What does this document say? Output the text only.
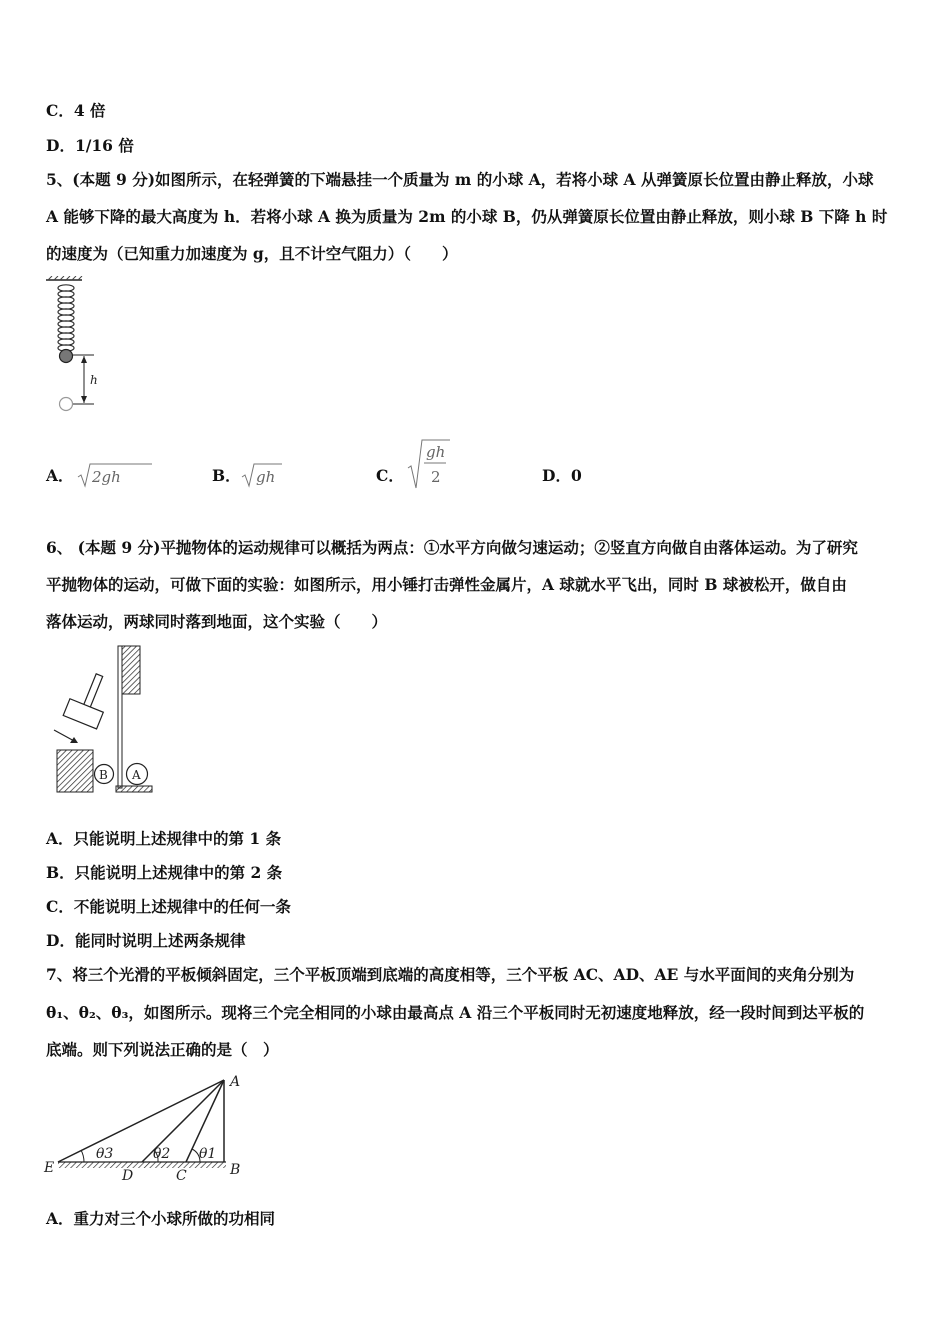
C．4 倍
D．1/16 倍
5、(本题 9 分)如图所示，在轻弹簧的下端悬挂一个质量为 m 的小球 A，若将小球 A 从弹簧原长位置由静止释放，小球
A 能够下降的最大高度为 h．若将小球 A 换为质量为 2m 的小球 B，仍从弹簧原长位置由静止释放，则小球 B 下降 h 时
的速度为（已知重力加速度为 g，且不计空气阻力）（　　）
h
A． 2gh	B． gh	C．
gh
2	D．0
6、 (本题 9 分)平抛物体的运动规律可以概括为两点：①水平方向做匀速运动；②竖直方向做自由落体运动。为了研究
平抛物体的运动，可做下面的实验：如图所示，用小锤打击弹性金属片，A 球就水平飞出，同时 B 球被松开，做自由
落体运动，两球同时落到地面，这个实验（　　）
B A
A．只能说明上述规律中的第 1 条
B．只能说明上述规律中的第 2 条
C．不能说明上述规律中的任何一条
D．能同时说明上述两条规律
7、将三个光滑的平板倾斜固定，三个平板顶端到底端的高度相等，三个平板 AC、AD、AE 与水平面间的夹角分别为
θ₁、θ₂、θ₃，如图所示。现将三个完全相同的小球由最高点 A 沿三个平板同时无初速度地释放，经一段时间到达平板的
底端。则下列说法正确的是（　）
A
B
C
D
E
θ1
θ2
θ3
A．重力对三个小球所做的功相同
